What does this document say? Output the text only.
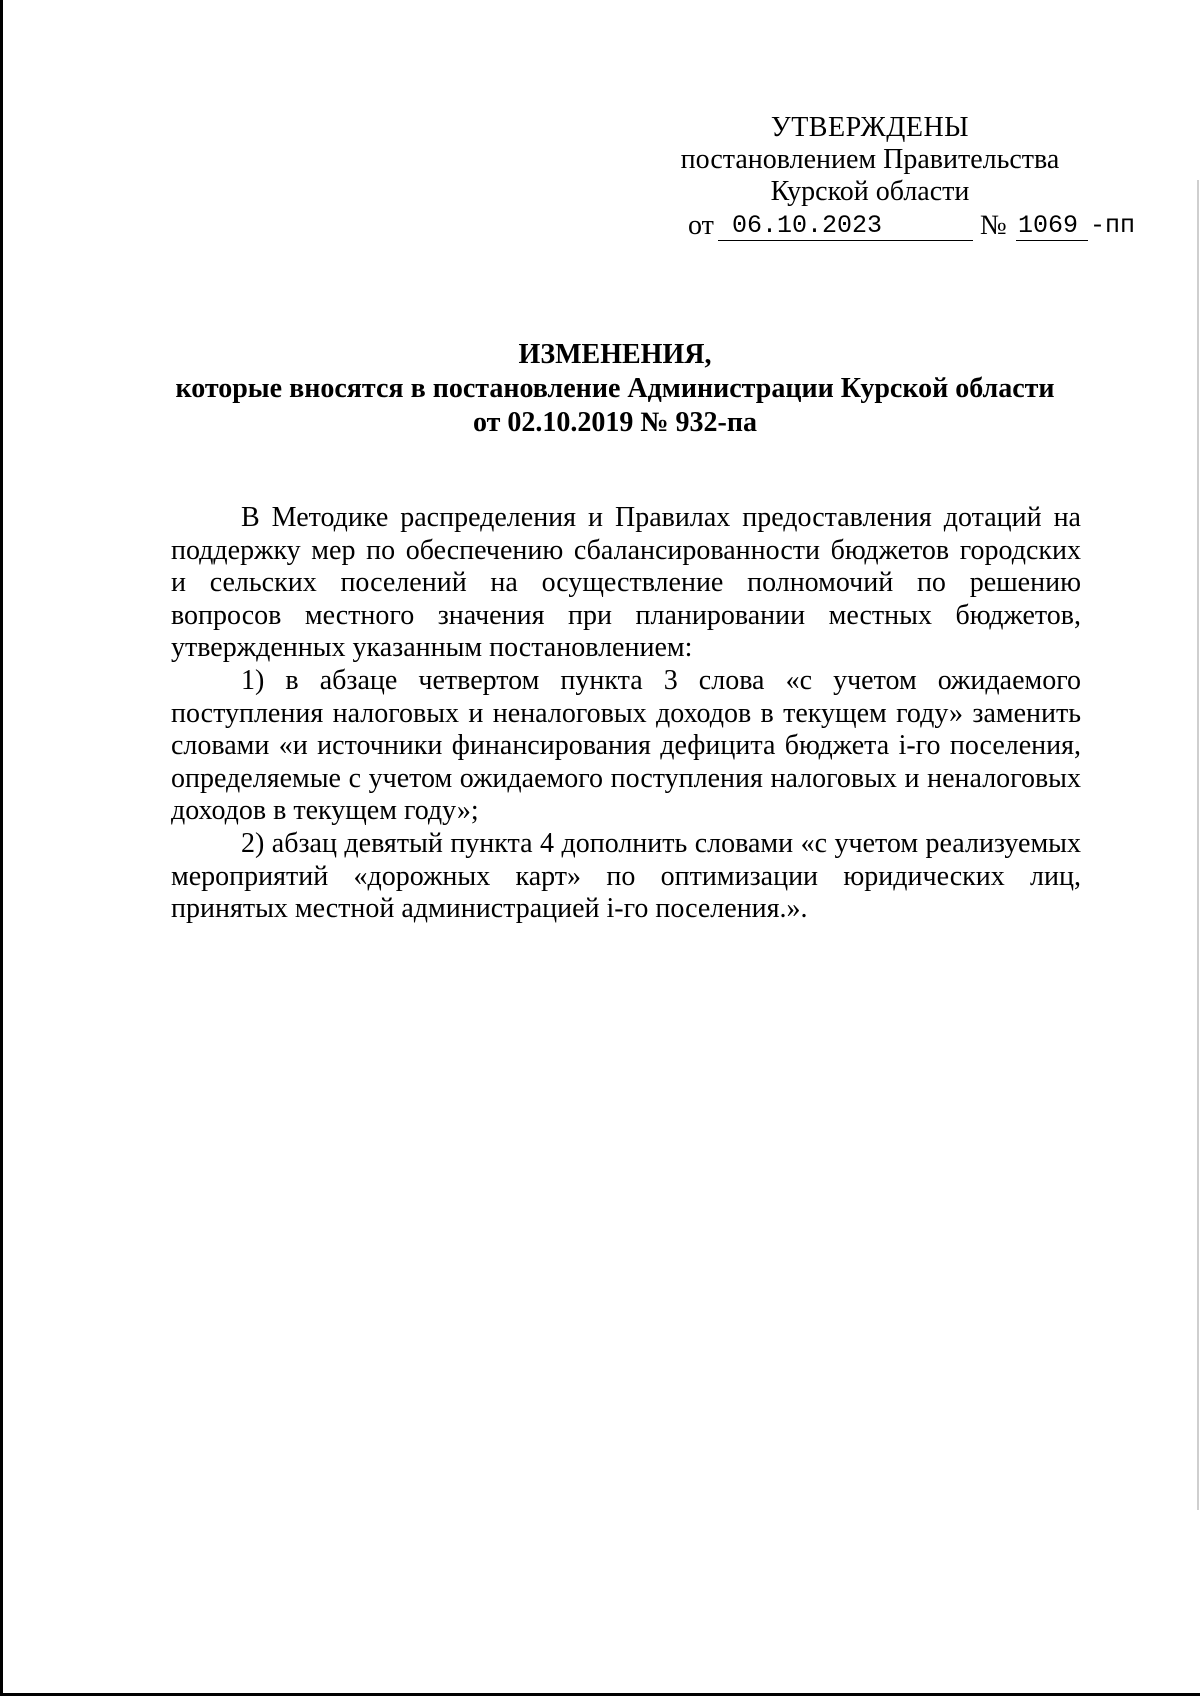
УТВЕРЖДЕНЫ
постановлением Правительства
Курской области
от 06.10.2023	№ 1069 -пп
ИЗМЕНЕНИЯ,
которые вносятся в постановление Администрации Курской области
от 02.10.2019 № 932-па

В Методике распределения и Правилах предоставления дотаций на поддержку мер по обеспечению сбалансированности бюджетов городских и сельских поселений на осуществление полномочий по решению вопросов местного значения при планировании местных бюджетов, утвержденных указанным постановлением:

1) в абзаце четвертом пункта 3 слова «с учетом ожидаемого поступления налоговых и неналоговых доходов в текущем году» заменить словами «и источники финансирования дефицита бюджета i-го поселения, определяемые с учетом ожидаемого поступления налоговых и неналоговых доходов в текущем году»;

2) абзац девятый пункта 4 дополнить словами «с учетом реализуемых мероприятий «дорожных карт» по оптимизации юридических лиц, принятых местной администрацией i-го поселения.».
